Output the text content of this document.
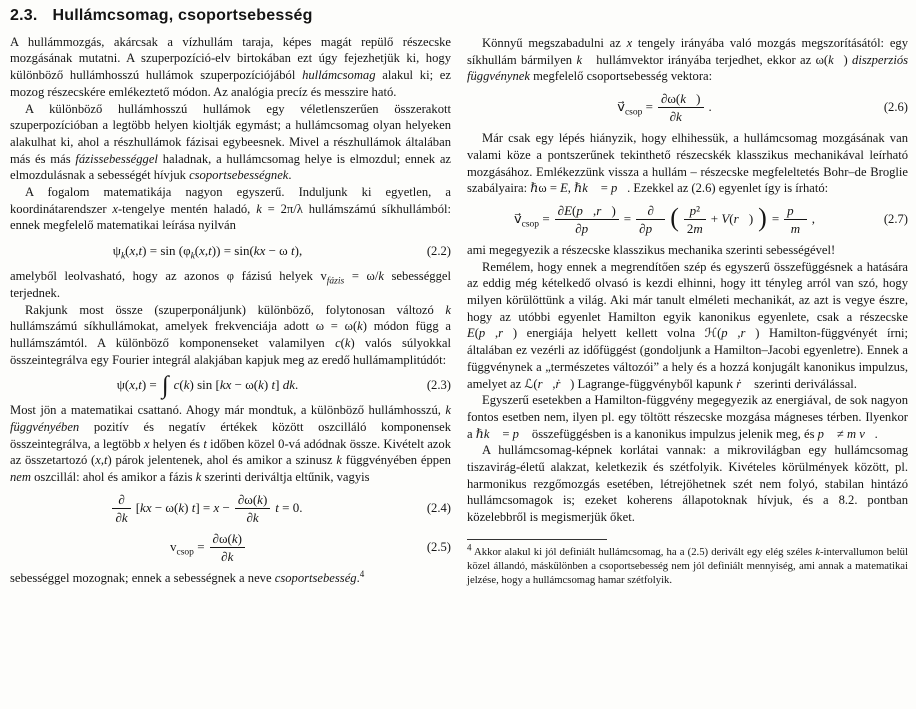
2.3. Hullámcsomag, csoportsebesség

A hullámmozgás, akárcsak a vízhullám taraja, képes magát repülő részecske mozgásának mutatni. A szuperpozíció-elv birtokában ezt úgy fejezhetjük ki, hogy különböző hullámhosszú hullámok szuperpozíciójából hullámcsomag alakul ki; ez mozog részecskére emlékeztető módon. Az analógia precíz és messzire ható.

A különböző hullámhosszú hullámok egy véletlenszerűen összerakott szuperpozícióban a legtöbb helyen kioltják egymást; a hullámcsomag olyan helyeken alakulhat ki, ahol a részhullámok fázisai egybeesnek. Mivel a részhullámok általában más és más fázissebességgel haladnak, a hullámcsomag helye is elmozdul; ennek az elmozdulásnak a sebességét hívjuk csoportsebességnek.

A fogalom matematikája nagyon egyszerű. Induljunk ki egyetlen, a koordinátarendszer x-tengelye mentén haladó, k = 2π/λ hullámszámú síkhullámból: ennek megfelelő matematikai leírása nyilván

$\psi_k(x,t) = \sin (\varphi_k(x,t)) = \sin(kx - \omega$ t),	(2.2)

amelyből leolvasható, hogy az azonos φ fázisú helyek $v_{fázis} = \omega/k$ sebességgel terjednek.

Rakjunk most össze (szuperponáljunk) különböző, folytonosan változó k hullámszámú síkhullámokat, amelyek frekvenciája adott ω = ω(k) módon függ a hullámszámtól. A különböző komponenseket valamilyen c(k) valós súlyokkal összeintegrálva egy Fourier integrál alakjában kapjuk meg az eredő hullámamplitúdót:

ψ(x,t) = ∫ c(k) sin [kx − ω(k) t] dk.	(2.3)

Most jön a matematikai csattanó. Ahogy már mondtuk, a különböző hullámhosszú, k függvényében pozitív és negatív értékek között oszcilláló komponensek összeintegrálva, a legtöbb x helyen és t időben közel 0-vá adódnak össze. Kivételt azok az összetartozó (x,t) párok jelentenek, ahol és amikor a szinusz k függvényében éppen nem oszcillál: ahol és amikor a fázis k szerinti deriváltja eltűnik, vagyis

$\frac{\partial}{\partial k} [kx - \omega(k) t] = x - \frac{\partial\omega(k)}{\partial k}$ t = 0.	(2.4)
$v_{csop} = \frac{\partial\omega(k)}{\partial k}$	(2.5)

sebességgel mozognak; ennek a sebességnek a neve csoportsebesség.$^4$

Könnyű megszabadulni az x tengely irányába való mozgás megszorításától: egy síkhullám bármilyen k⃗ hullámvektor irányába terjedhet, ekkor az ω(k⃗) diszperziós függvénynek megfelelő csoportsebesség vektora:

$v⃗_{csop} = \frac{\partial\omega(k⃗)}{\partial k⃗}$ .	(2.6)

Már csak egy lépés hiányzik, hogy elhihessük, a hullámcsomag mozgásának van valami köze a pontszerűnek tekinthető részecskék klasszikus mechanikával leírható mozgásához. Emlékezzünk vissza a hullám – részecske megfeleltetés Bohr–de Broglie szabályaira: ℏω = E, ℏk⃗ = p⃗. Ezekkel az (2.6) egyenlet így is írható:

$v⃗_{csop} = \frac{\partial E(p⃗,r⃗)}{\partial p⃗} = \frac{\partial}{\partial p⃗}$ ( $\frac{\text{p²}}{2m}$ + V(r⃗) ) = $\frac{p⃗}{m}$ ,	(2.7)

ami megegyezik a részecske klasszikus mechanika szerinti sebességével!

Remélem, hogy ennek a megrendítően szép és egyszerű összefüggésnek a hatására az eddig még kételkedő olvasó is kezdi elhinni, hogy itt tényleg arról van szó, hogy milyen körülöttünk a világ. Aki már tanult elméleti mechanikát, az azt is vegye észre, hogy az utóbbi egyenlet Hamilton egyik kanonikus egyenlete, csak a részecske E(p⃗,r⃗) energiája helyett kellett volna ℋ(p⃗,r⃗) Hamilton-függvényét írni; általában ez vezérli az időfüggést (gondoljunk a Hamilton–Jacobi egyenletre). Ennek a függvénynek a „természetes változói” a hely és a hozzá konjugált kanonikus impulzus, amelyet az ℒ(r⃗,ṙ⃗) Lagrange-függvényből kapunk ṙ⃗ szerinti deriválással.

Egyszerű esetekben a Hamilton-függvény megegyezik az energiával, de sok nagyon fontos esetben nem, ilyen pl. egy töltött részecske mozgása mágneses térben. Ilyenkor a ℏk⃗ = p⃗ összefüggésben is a kanonikus impulzus jelenik meg, és p⃗ ≠ m v⃗.

A hullámcsomag-képnek korlátai vannak: a mikrovilágban egy hullámcsomag tiszavirág-életű alakzat, keletkezik és szétfolyik. Kivételes körülmények között, pl. harmonikus rezgőmozgás esetében, létrejöhetnek szét nem folyó, stabilan hintázó hullámcsomagok is; ezeket koherens állapotoknak hívjuk, és a 8.2. pontban közelebbről is megismerjük őket.

$^4$ Akkor alakul ki jól definiált hullámcsomag, ha a (2.5) derivált egy elég széles k-intervallumon belül közel állandó, máskülönben a csoportsebesség nem jól definiált mennyiség, ami annak a matematikai jelzése, hogy a hullámcsomag hamar szétfolyik.
